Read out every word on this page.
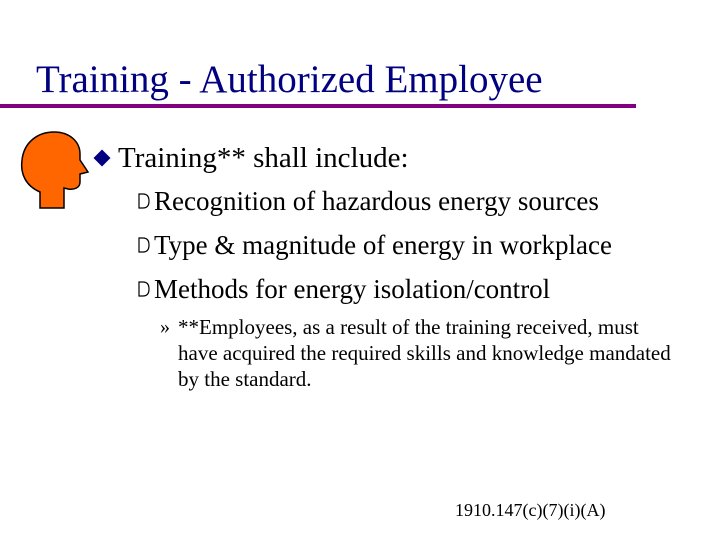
Training - Authorized Employee
Training** shall include:
Recognition of hazardous energy sources
Type & magnitude of energy in workplace
Methods for energy isolation/control
» **Employees, as a result of the training received, must have acquired the required skills and knowledge mandated by the standard.
1910.147(c)(7)(i)(A)
